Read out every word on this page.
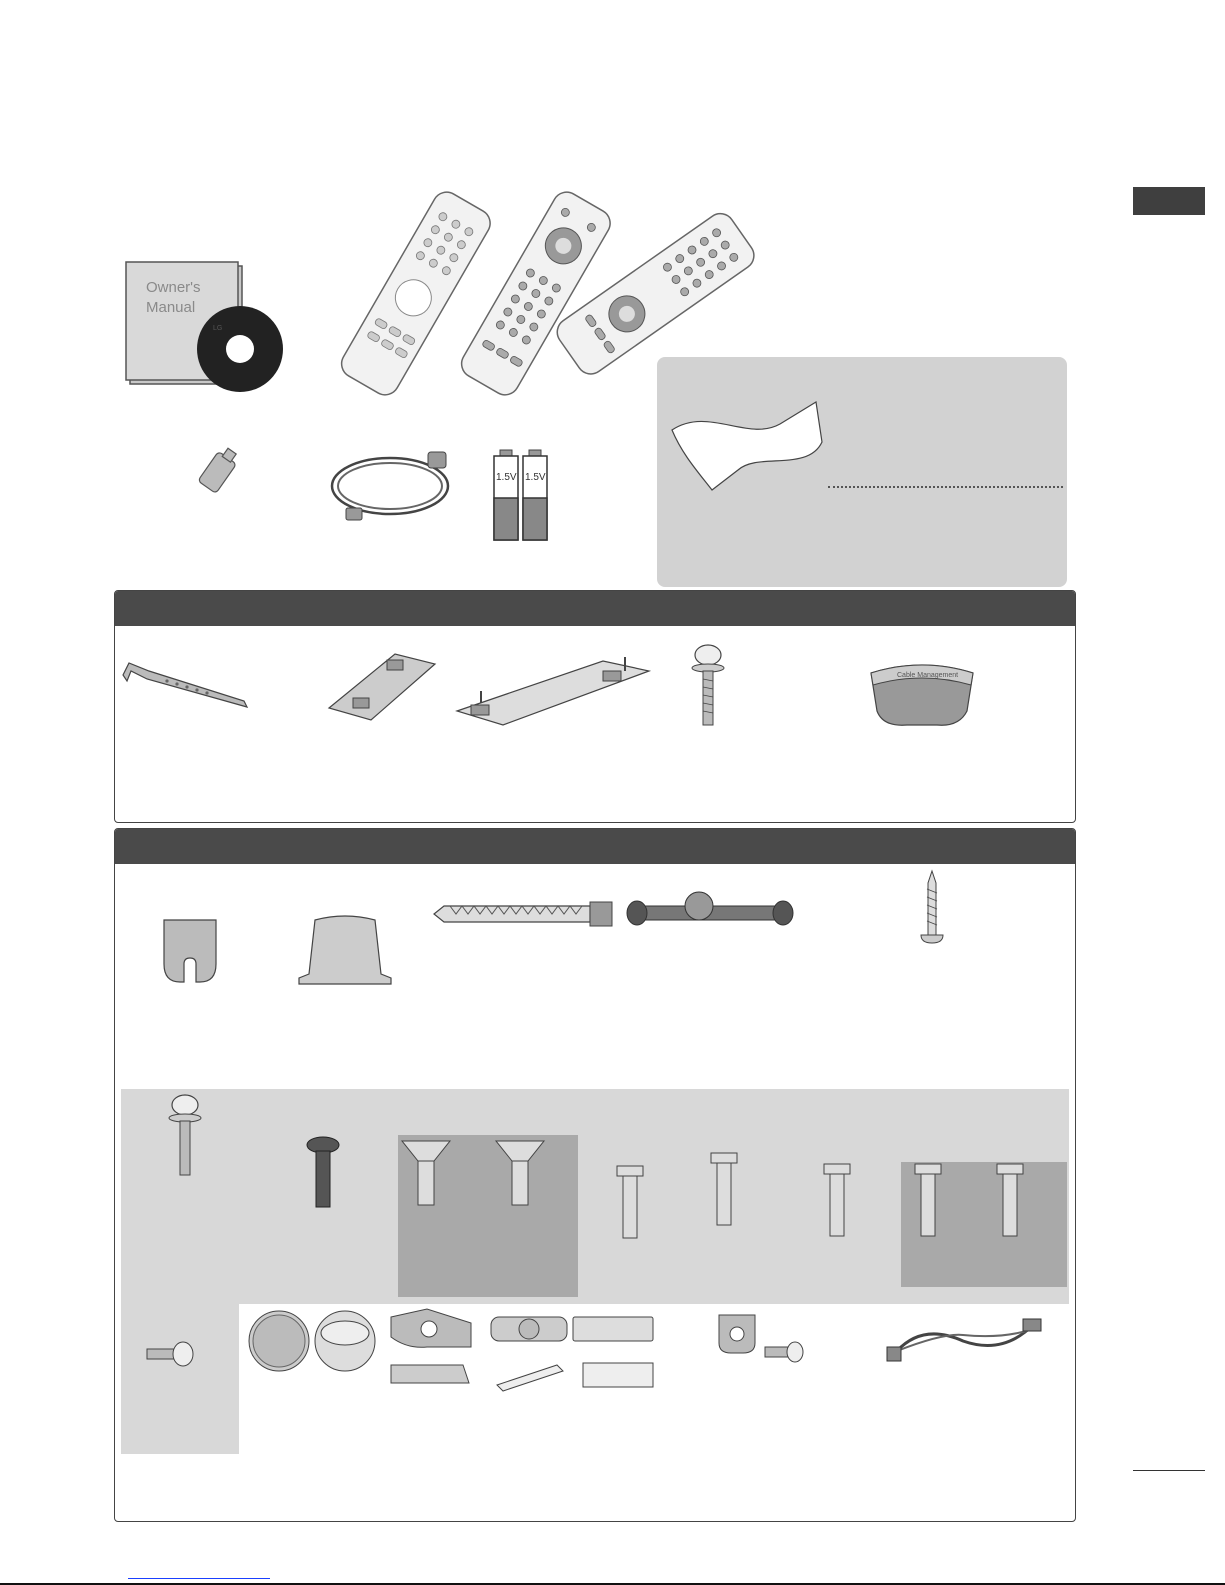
Owner's
Manual
LG
1.5V 1.5V
Cable Management
